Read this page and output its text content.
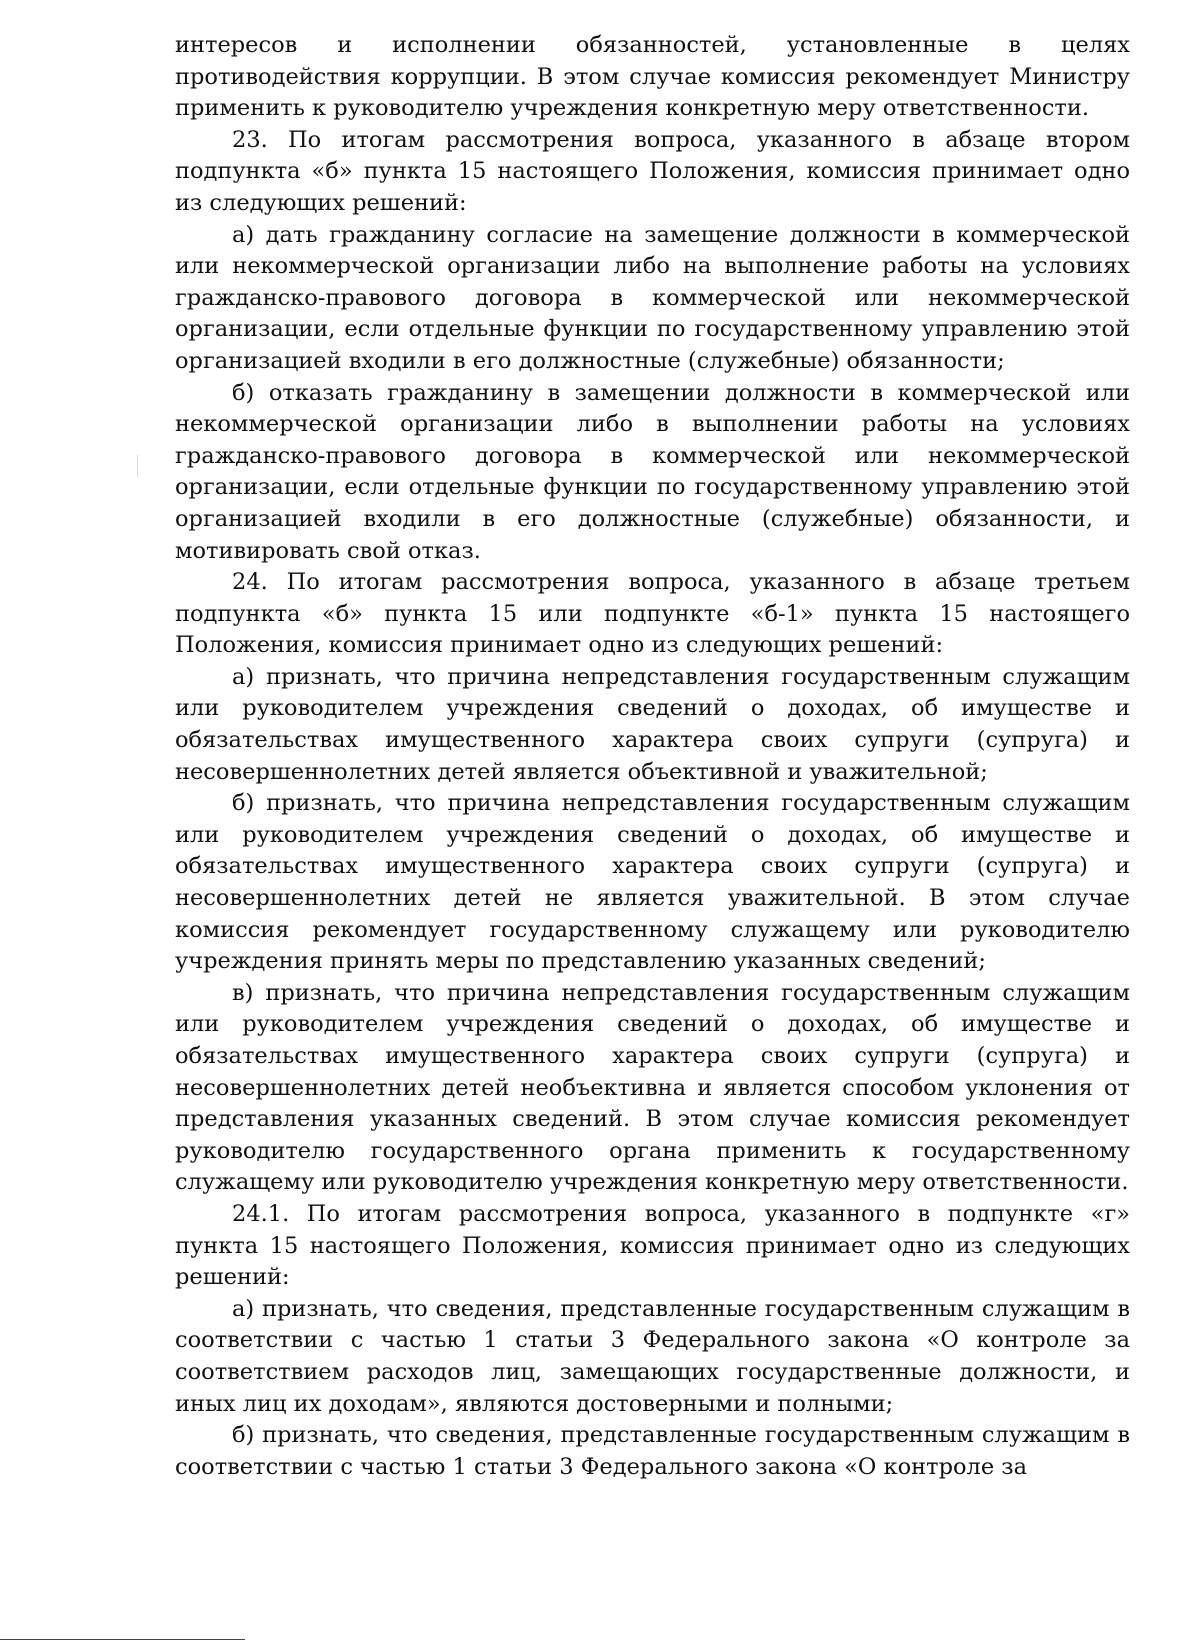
интересов и исполнении обязанностей, установленные в целях противодействия коррупции. В этом случае комиссия рекомендует Министру применить к руководителю учреждения конкретную меру ответственности.

23. По итогам рассмотрения вопроса, указанного в абзаце втором подпункта «б» пункта 15 настоящего Положения, комиссия принимает одно из следующих решений:

а) дать гражданину согласие на замещение должности в коммерческой или некоммерческой организации либо на выполнение работы на условиях гражданско-правового договора в коммерческой или некоммерческой организации, если отдельные функции по государственному управлению этой организацией входили в его должностные (служебные) обязанности;

б) отказать гражданину в замещении должности в коммерческой или некоммерческой организации либо в выполнении работы на условиях гражданско-правового договора в коммерческой или некоммерческой организации, если отдельные функции по государственному управлению этой организацией входили в его должностные (служебные) обязанности, и мотивировать свой отказ.

24. По итогам рассмотрения вопроса, указанного в абзаце третьем подпункта «б» пункта 15 или подпункте «б-1» пункта 15 настоящего Положения, комиссия принимает одно из следующих решений:

а) признать, что причина непредставления государственным служащим или руководителем учреждения сведений о доходах, об имуществе и обязательствах имущественного характера своих супруги (супруга) и несовершеннолетних детей является объективной и уважительной;

б) признать, что причина непредставления государственным служащим или руководителем учреждения сведений о доходах, об имуществе и обязательствах имущественного характера своих супруги (супруга) и несовершеннолетних детей не является уважительной. В этом случае комиссия рекомендует государственному служащему или руководителю учреждения принять меры по представлению указанных сведений;

в) признать, что причина непредставления государственным служащим или руководителем учреждения сведений о доходах, об имуществе и обязательствах имущественного характера своих супруги (супруга) и несовершеннолетних детей необъективна и является способом уклонения от представления указанных сведений. В этом случае комиссия рекомендует руководителю государственного органа применить к государственному служащему или руководителю учреждения конкретную меру ответственности.

24.1. По итогам рассмотрения вопроса, указанного в подпункте «г» пункта 15 настоящего Положения, комиссия принимает одно из следующих решений:

а) признать, что сведения, представленные государственным служащим в соответствии с частью 1 статьи 3 Федерального закона «О контроле за соответствием расходов лиц, замещающих государственные должности, и иных лиц их доходам», являются достоверными и полными;

б) признать, что сведения, представленные государственным служащим в соответствии с частью 1 статьи 3 Федерального закона «О контроле за
